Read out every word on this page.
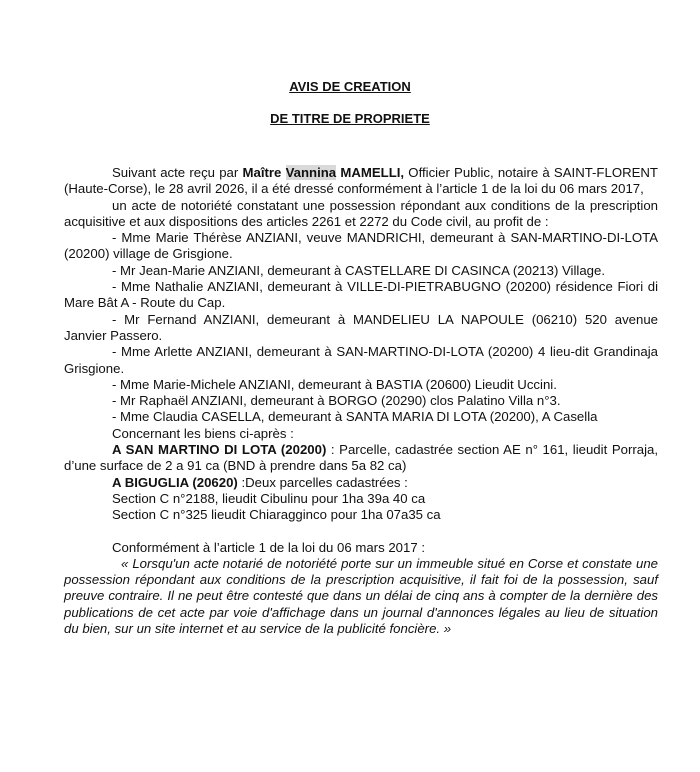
AVIS DE CREATION
DE TITRE DE PROPRIETE

Suivant acte reçu par Maître Vannina MAMELLI, Officier Public, notaire à SAINT-FLORENT (Haute-Corse), le 28 avril 2026, il a été dressé conformément à l’article 1 de la loi du 06 mars 2017,

un acte de notoriété constatant une possession répondant aux conditions de la prescription acquisitive et aux dispositions des articles 2261 et 2272 du Code civil, au profit de :

- Mme Marie Thérèse ANZIANI, veuve MANDRICHI, demeurant à SAN-MARTINO-DI-LOTA (20200) village de Grisgione.

- Mr Jean-Marie ANZIANI, demeurant à CASTELLARE DI CASINCA (20213) Village.

- Mme Nathalie ANZIANI, demeurant à VILLE-DI-PIETRABUGNO (20200) résidence Fiori di Mare Bât A - Route du Cap.

- Mr Fernand ANZIANI, demeurant à MANDELIEU LA NAPOULE (06210) 520 avenue Janvier Passero.

- Mme Arlette ANZIANI, demeurant à SAN-MARTINO-DI-LOTA (20200) 4 lieu-dit Grandinaja Grisgione.

- Mme Marie-Michele ANZIANI, demeurant à BASTIA (20600) Lieudit Uccini.

- Mr Raphaël ANZIANI, demeurant à BORGO (20290) clos Palatino Villa n°3.

- Mme Claudia CASELLA, demeurant à SANTA MARIA DI LOTA (20200), A Casella

Concernant les biens ci-après :

A SAN MARTINO DI LOTA (20200) : Parcelle, cadastrée section AE n° 161, lieudit Porraja, d’une surface de 2 a 91 ca (BND à prendre dans 5a 82 ca)

A BIGUGLIA (20620) :Deux parcelles cadastrées :

Section C n°2188, lieudit Cibulinu pour 1ha 39a 40 ca

Section C n°325 lieudit Chiaragginco pour 1ha 07a35 ca

Conformément à l’article 1 de la loi du 06 mars 2017 :

« Lorsqu'un acte notarié de notoriété porte sur un immeuble situé en Corse et constate une possession répondant aux conditions de la prescription acquisitive, il fait foi de la possession, sauf preuve contraire. Il ne peut être contesté que dans un délai de cinq ans à compter de la dernière des publications de cet acte par voie d'affichage dans un journal d'annonces légales au lieu de situation du bien, sur un site internet et au service de la publicité foncière. »
